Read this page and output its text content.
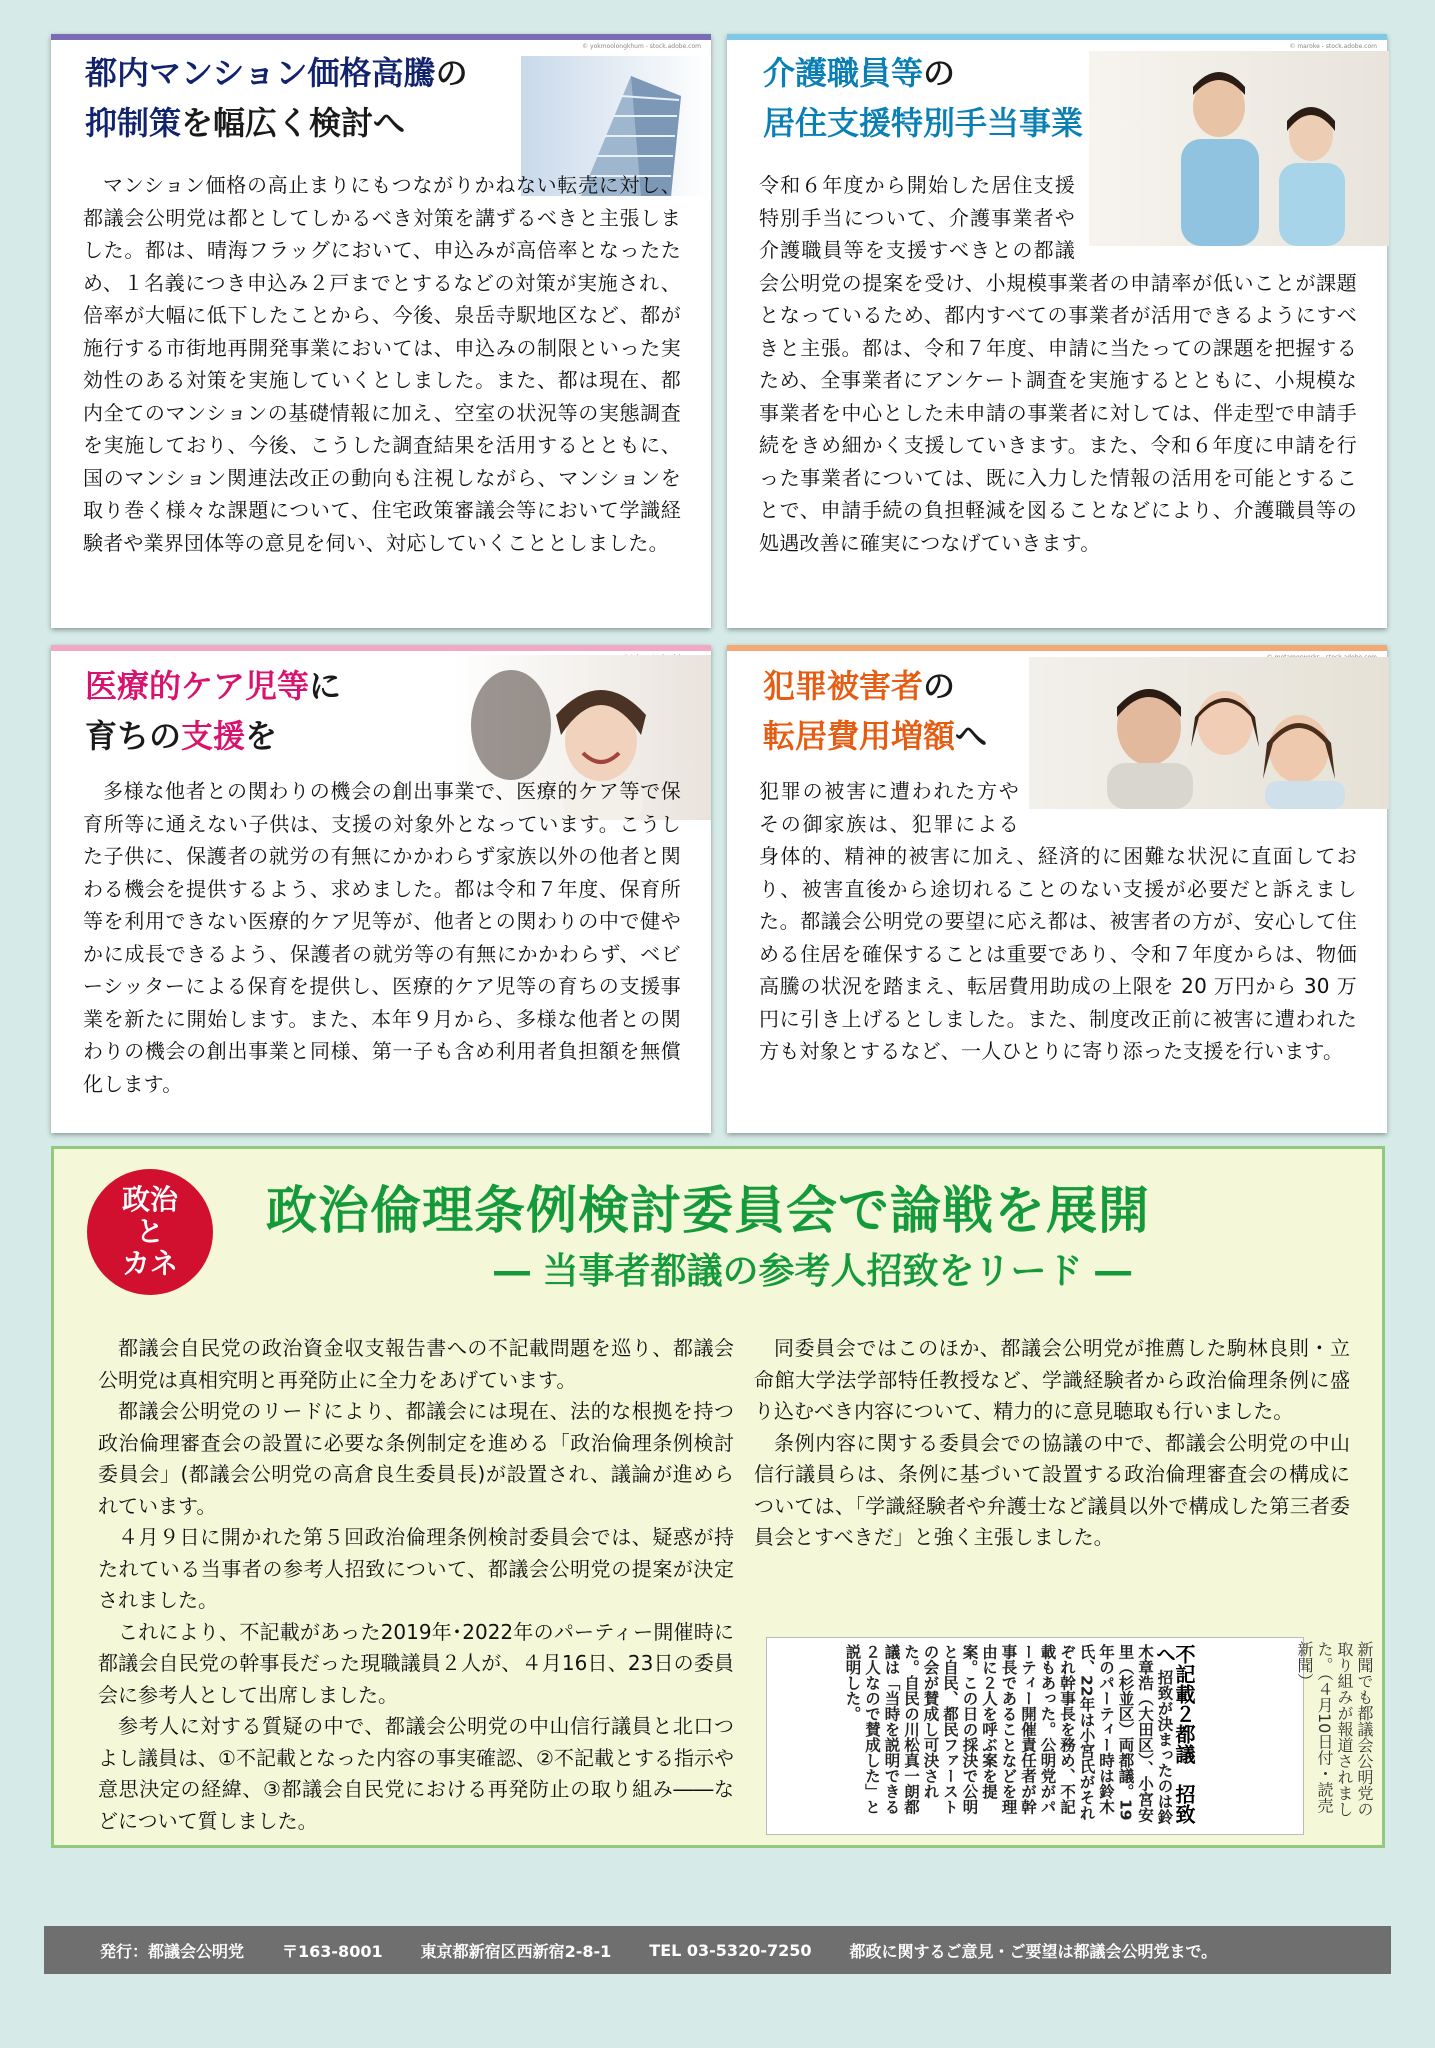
© yokmoolongkhum - stock.adobe.com
都内マンション価格高騰の
抑制策を幅広く検討へ

マンション価格の高止まりにもつながりかねない転売に対し、都議会公明党は都としてしかるべき対策を講ずるべきと主張しました。都は、晴海フラッグにおいて、申込みが高倍率となったため、１名義につき申込み２戸までとするなどの対策が実施され、倍率が大幅に低下したことから、今後、泉岳寺駅地区など、都が施行する市街地再開発事業においては、申込みの制限といった実効性のある対策を実施していくとしました。また、都は現在、都内全てのマンションの基礎情報に加え、空室の状況等の実態調査を実施しており、今後、こうした調査結果を活用するとともに、国のマンション関連法改正の動向も注視しながら、マンションを取り巻く様々な課題について、住宅政策審議会等において学識経験者や業界団体等の意見を伺い、対応していくこととしました。

© maroke - stock.adobe.com
介護職員等の
居住支援特別手当事業
令和６年度から開始した居住支援特別手当について、介護事業者や介護職員等を支援すべきとの都議会公明党の提案を受け、小規模事業者の申請率が低いことが課題となっているため、都内すべての事業者が活用できるようにすべきと主張。都は、令和７年度、申請に当たっての課題を把握するため、全事業者にアンケート調査を実施するとともに、小規模な事業者を中心とした未申請の事業者に対しては、伴走型で申請手続をきめ細かく支援していきます。また、令和６年度に申請を行った事業者については、既に入力した情報の活用を可能とすることで、申請手続の負担軽減を図ることなどにより、介護職員等の処遇改善に確実につなげていきます。
医療的ケア児等に
育ちの支援を

多様な他者との関わりの機会の創出事業で、医療的ケア等で保育所等に通えない子供は、支援の対象外となっています。こうした子供に、保護者の就労の有無にかかわらず家族以外の他者と関わる機会を提供するよう、求めました。都は令和７年度、保育所等を利用できない医療的ケア児等が、他者との関わりの中で健やかに成長できるよう、保護者の就労等の有無にかかわらず、ベビーシッターによる保育を提供し、医療的ケア児等の育ちの支援事業を新たに開始します。また、本年９月から、多様な他者との関わりの機会の創出事業と同様、第一子も含め利用者負担額を無償化します。

犯罪被害者の
転居費用増額へ
犯罪の被害に遭われた方やその御家族は、犯罪による身体的、精神的被害に加え、経済的に困難な状況に直面しており、被害直後から途切れることのない支援が必要だと訴えました。都議会公明党の要望に応え都は、被害者の方が、安心して住める住居を確保することは重要であり、令和７年度からは、物価高騰の状況を踏まえ、転居費用助成の上限を 20 万円から 30 万円に引き上げるとしました。また、制度改正前に被害に遭われた方も対象とするなど、一人ひとりに寄り添った支援を行います。
政治
と
カネ
政治倫理条例検討委員会で論戦を展開
― 当事者都議の参考人招致をリード ―

都議会自民党の政治資金収支報告書への不記載問題を巡り、都議会公明党は真相究明と再発防止に全力をあげています。

都議会公明党のリードにより、都議会には現在、法的な根拠を持つ政治倫理審査会の設置に必要な条例制定を進める「政治倫理条例検討委員会」(都議会公明党の高倉良生委員長)が設置され、議論が進められています。

４月９日に開かれた第５回政治倫理条例検討委員会では、疑惑が持たれている当事者の参考人招致について、都議会公明党の提案が決定されました。

これにより、不記載があった2019年･2022年のパーティー開催時に都議会自民党の幹事長だった現職議員２人が、４月16日、23日の委員会に参考人として出席しました。

参考人に対する質疑の中で、都議会公明党の中山信行議員と北口つよし議員は、①不記載となった内容の事実確認、②不記載とする指示や意思決定の経緯、③都議会自民党における再発防止の取り組み――などについて質しました。

同委員会ではこのほか、都議会公明党が推薦した駒林良則・立命館大学法学部特任教授など、学識経験者から政治倫理条例に盛り込むべき内容について、精力的に意見聴取も行いました。

条例内容に関する委員会での協議の中で、都議会公明党の中山信行議員らは、条例に基づいて設置する政治倫理審査会の構成については、「学識経験者や弁護士など議員以外で構成した第三者委員会とすべきだ」と強く主張しました。

不記載２都議　招致へ 招致が決まったのは鈴木章浩（大田区）、小宮安里（杉並区）両都議。19年のパーティー時は鈴木氏、22年は小宮氏がそれぞれ幹事長を務め、不記載もあった。公明党がパーティー開催責任者が幹事長であることなどを理由に２人を呼ぶ案を提案。この日の採決で公明と自民、都民ファーストの会が賛成し可決された。自民の川松真一朗都議は「当時を説明できる２人なので賛成した」と説明した。	新聞でも都議会公明党の取り組みが報道されました。（４月10日付・読売新聞）
発行：都議会公明党 〒163-8001 東京都新宿区西新宿2-8-1 TEL 03-5320-7250 都政に関するご意見・ご要望は都議会公明党まで。
